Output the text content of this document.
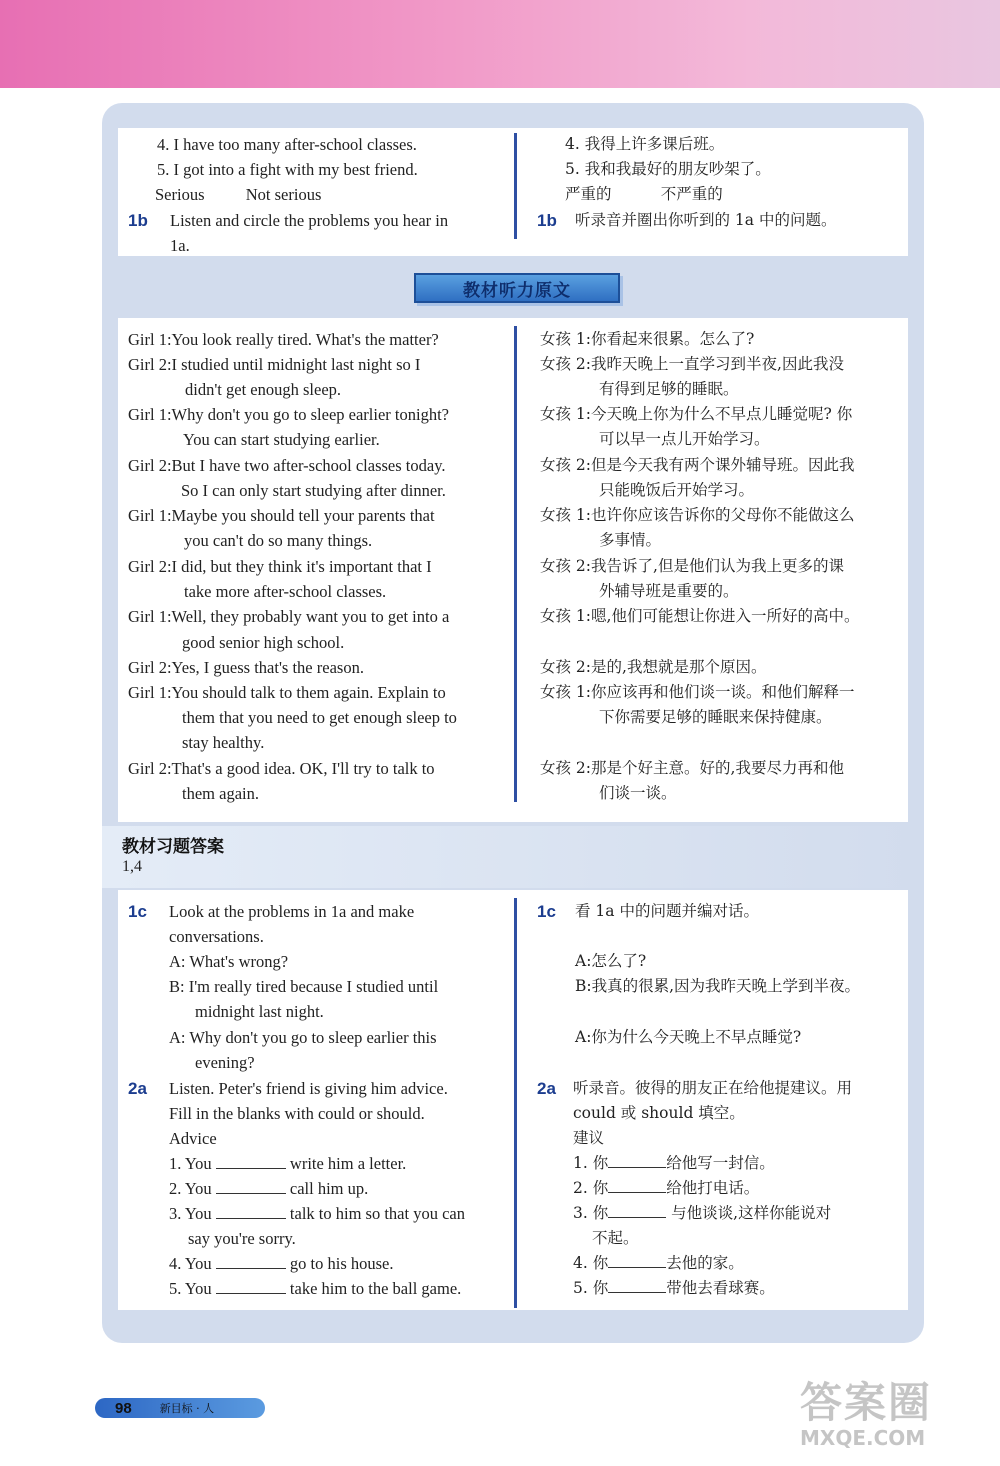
4. I have too many after-school classes.
5. I got into a fight with my best friend.
Serious          Not serious
1b Listen and circle the problems you hear in
1a.
4. 我得上许多课后班。
5. 我和我最好的朋友吵架了。
严重的          不严重的
1b 听录音并圈出你听到的 1a 中的问题。
教材听力原文
Girl 1:You look really tired. What's the matter?
Girl 2:I studied until midnight last night so I
didn't get enough sleep.
Girl 1:Why don't you go to sleep earlier tonight?
You can start studying earlier.
Girl 2:But I have two after-school classes today.
So I can only start studying after dinner.
Girl 1:Maybe you should tell your parents that
you can't do so many things.
Girl 2:I did, but they think it's important that I
take more after-school classes.
Girl 1:Well, they probably want you to get into a
good senior high school.
Girl 2:Yes, I guess that's the reason.
Girl 1:You should talk to them again. Explain to
them that you need to get enough sleep to
stay healthy.
Girl 2:That's a good idea. OK, I'll try to talk to
them again.
女孩 1:你看起来很累。怎么了?
女孩 2:我昨天晚上一直学习到半夜,因此我没
有得到足够的睡眠。
女孩 1:今天晚上你为什么不早点儿睡觉呢? 你
可以早一点儿开始学习。
女孩 2:但是今天我有两个课外辅导班。因此我
只能晚饭后开始学习。
女孩 1:也许你应该告诉你的父母你不能做这么
多事情。
女孩 2:我告诉了,但是他们认为我上更多的课
外辅导班是重要的。
女孩 1:嗯,他们可能想让你进入一所好的高中。
女孩 2:是的,我想就是那个原因。
女孩 1:你应该再和他们谈一谈。和他们解释一
下你需要足够的睡眠来保持健康。
女孩 2:那是个好主意。好的,我要尽力再和他
们谈一谈。
教材习题答案
1,4
1c Look at the problems in 1a and make
conversations.
A: What's wrong?
B: I'm really tired because I studied until
midnight last night.
A: Why don't you go to sleep earlier this
evening?
1c 看 1a 中的问题并编对话。
A:怎么了?
B:我真的很累,因为我昨天晚上学到半夜。
A:你为什么今天晚上不早点睡觉?
2a Listen. Peter's friend is giving him advice.
Fill in the blanks with could or should.
Advice
1. You	write him a letter.
2. You	call him up.
3. You	talk to him so that you can
say you're sorry.
4. You	go to his house.
5. You	take him to the ball game.
2a 听录音。彼得的朋友正在给他提建议。用
could 或 should 填空。
建议
1. 你	给他写一封信。
2. 你	给他打电话。
3. 你	与他谈谈,这样你能说对
不起。
4. 你	去他的家。
5. 你	带他去看球赛。
98	新目标 · 人	答案圈
MXQE.COM
